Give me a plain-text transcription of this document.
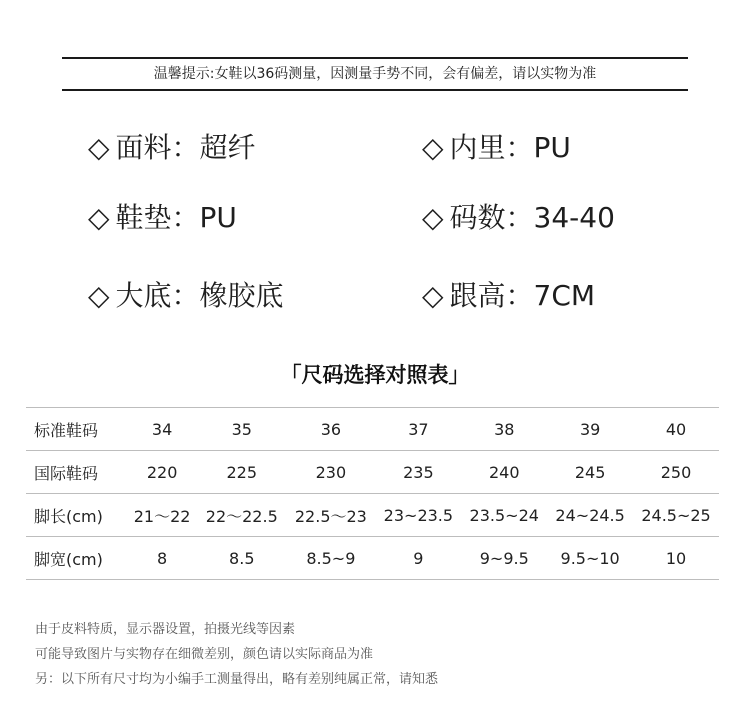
温馨提示:女鞋以36码测量，因测量手势不同，会有偏差，请以实物为准
◇ 面料：超纤	◇ 内里：PU
◇ 鞋垫：PU	◇ 码数：34-40
◇ 大底：橡胶底	◇ 跟高：7CM
「尺码选择对照表」
标准鞋码	34	35	36	37	38	39	40
国际鞋码	220	225	230	235	240	245	250
脚长(cm)	21～22	22～22.5	22.5～23	23~23.5	23.5~24	24~24.5	24.5~25
脚宽(cm)	8	8.5	8.5~9	9	9~9.5	9.5~10	10
由于皮料特质，显示器设置，拍摄光线等因素
可能导致图片与实物存在细微差别，颜色请以实际商品为准
另：以下所有尺寸均为小编手工测量得出，略有差别纯属正常，请知悉
